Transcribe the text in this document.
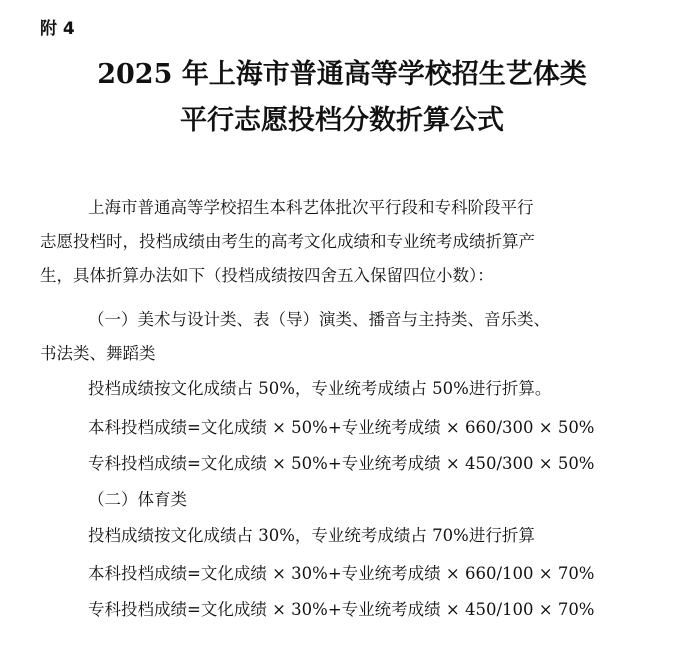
附 4
2025 年上海市普通高等学校招生艺体类
平行志愿投档分数折算公式
上海市普通高等学校招生本科艺体批次平行段和专科阶段平行
志愿投档时，投档成绩由考生的高考文化成绩和专业统考成绩折算产
生，具体折算办法如下（投档成绩按四舍五入保留四位小数）：
（一）美术与设计类、表（导）演类、播音与主持类、音乐类、
书法类、舞蹈类
投档成绩按文化成绩占 50%，专业统考成绩占 50%进行折算。
本科投档成绩=文化成绩 × 50%+专业统考成绩 × 660/300 × 50%
专科投档成绩=文化成绩 × 50%+专业统考成绩 × 450/300 × 50%
（二）体育类
投档成绩按文化成绩占 30%，专业统考成绩占 70%进行折算
本科投档成绩=文化成绩 × 30%+专业统考成绩 × 660/100 × 70%
专科投档成绩=文化成绩 × 30%+专业统考成绩 × 450/100 × 70%
